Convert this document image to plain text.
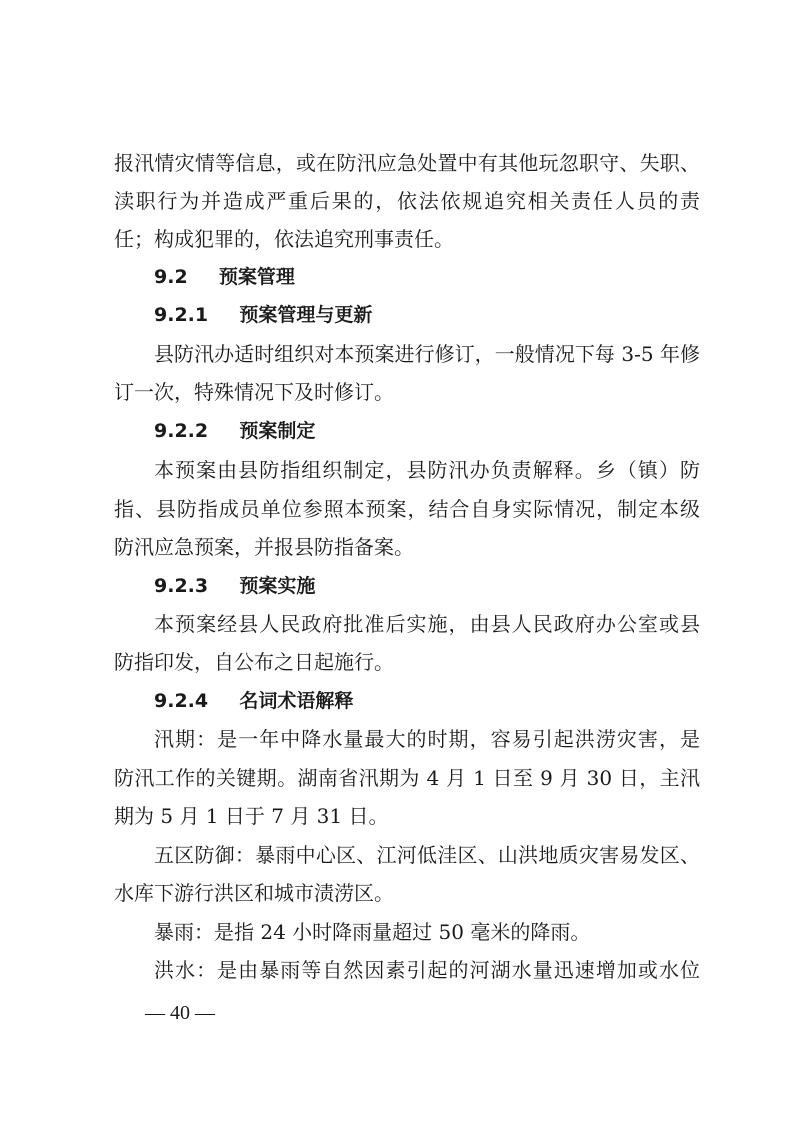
报汛情灾情等信息，或在防汛应急处置中有其他玩忽职守、失职、
渎职行为并造成严重后果的，依法依规追究相关责任人员的责
任；构成犯罪的，依法追究刑事责任。
9.2 预案管理
9.2.1 预案管理与更新
县防汛办适时组织对本预案进行修订，一般情况下每 3-5 年修
订一次，特殊情况下及时修订。
9.2.2 预案制定
本预案由县防指组织制定，县防汛办负责解释。乡（镇）防
指、县防指成员单位参照本预案，结合自身实际情况，制定本级
防汛应急预案，并报县防指备案。
9.2.3 预案实施
本预案经县人民政府批准后实施，由县人民政府办公室或县
防指印发，自公布之日起施行。
9.2.4 名词术语解释
汛期：是一年中降水量最大的时期，容易引起洪涝灾害，是
防汛工作的关键期。湖南省汛期为 4 月 1 日至 9 月 30 日，主汛
期为 5 月 1 日于 7 月 31 日。
五区防御：暴雨中心区、江河低洼区、山洪地质灾害易发区、
水库下游行洪区和城市渍涝区。
暴雨：是指 24 小时降雨量超过 50 毫米的降雨。
洪水：是由暴雨等自然因素引起的河湖水量迅速增加或水位
— 40 —
